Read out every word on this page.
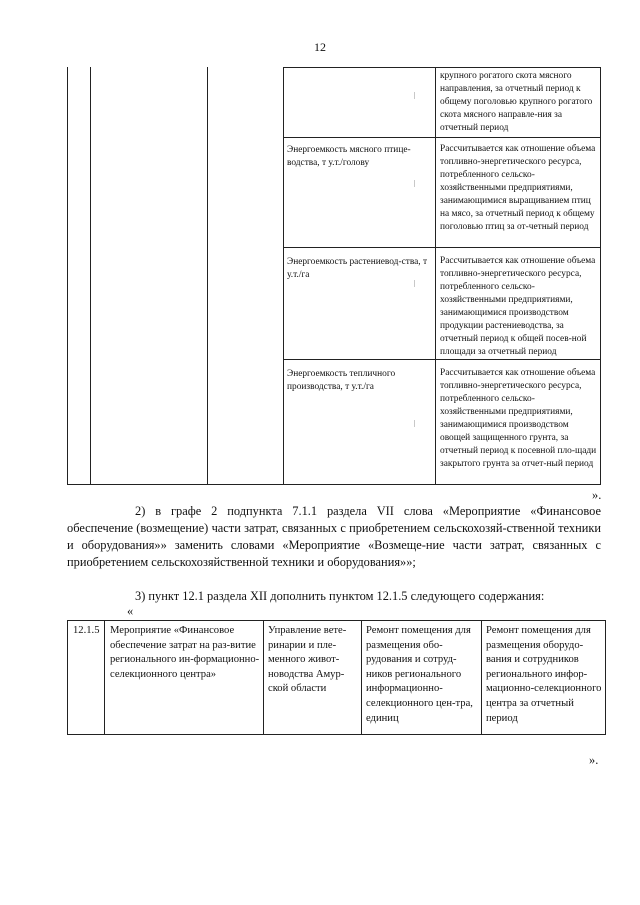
12
крупного рогатого скота мясного направления, за отчетный период к общему поголовью крупного рогатого скота мясного направле-ния за отчетный период
Энергоемкость мясного птице-водства, т у.т./голову
Рассчитывается как отношение объема топливно-энергетического ресурса, потребленного сельско-хозяйственными предприятиями, занимающимися выращиванием птиц на мясо, за отчетный период к общему поголовью птиц за от-четный период
Энергоемкость растениевод-ства, т у.т./га
Рассчитывается как отношение объема топливно-энергетического ресурса, потребленного сельско-хозяйственными предприятиями, занимающимися производством продукции растениеводства, за отчетный период к общей посев-ной площади за отчетный период
Энергоемкость тепличного производства, т у.т./га
Рассчитывается как отношение объема топливно-энергетического ресурса, потребленного сельско-хозяйственными предприятиями, занимающимися производством овощей защищенного грунта, за отчетный период к посевной пло-щади закрытого грунта за отчет-ный период
».
2) в графе 2 подпункта 7.1.1 раздела VII слова «Мероприятие «Финансовое обеспечение (возмещение) части затрат, связанных с приобретением сельскохозяй-ственной техники и оборудования»» заменить словами «Мероприятие «Возмеще-ние части затрат, связанных с приобретением сельскохозяйственной техники и оборудования»»;
3) пункт 12.1 раздела XII дополнить пунктом 12.1.5 следующего содержания:
«
12.1.5 Мероприятие «Финансовое обеспечение затрат на раз-витие регионального ин-формационно-селекционного центра»
Управление вете-ринарии и пле-менного живот-новодства Амур-ской области
Ремонт помещения для размещения обо-рудования и сотруд-ников регионального информационно-селекционного цен-тра, единиц
Ремонт помещения для размещения оборудо-вания и сотрудников регионального инфор-мационно-селекционного центра за отчетный период
».
